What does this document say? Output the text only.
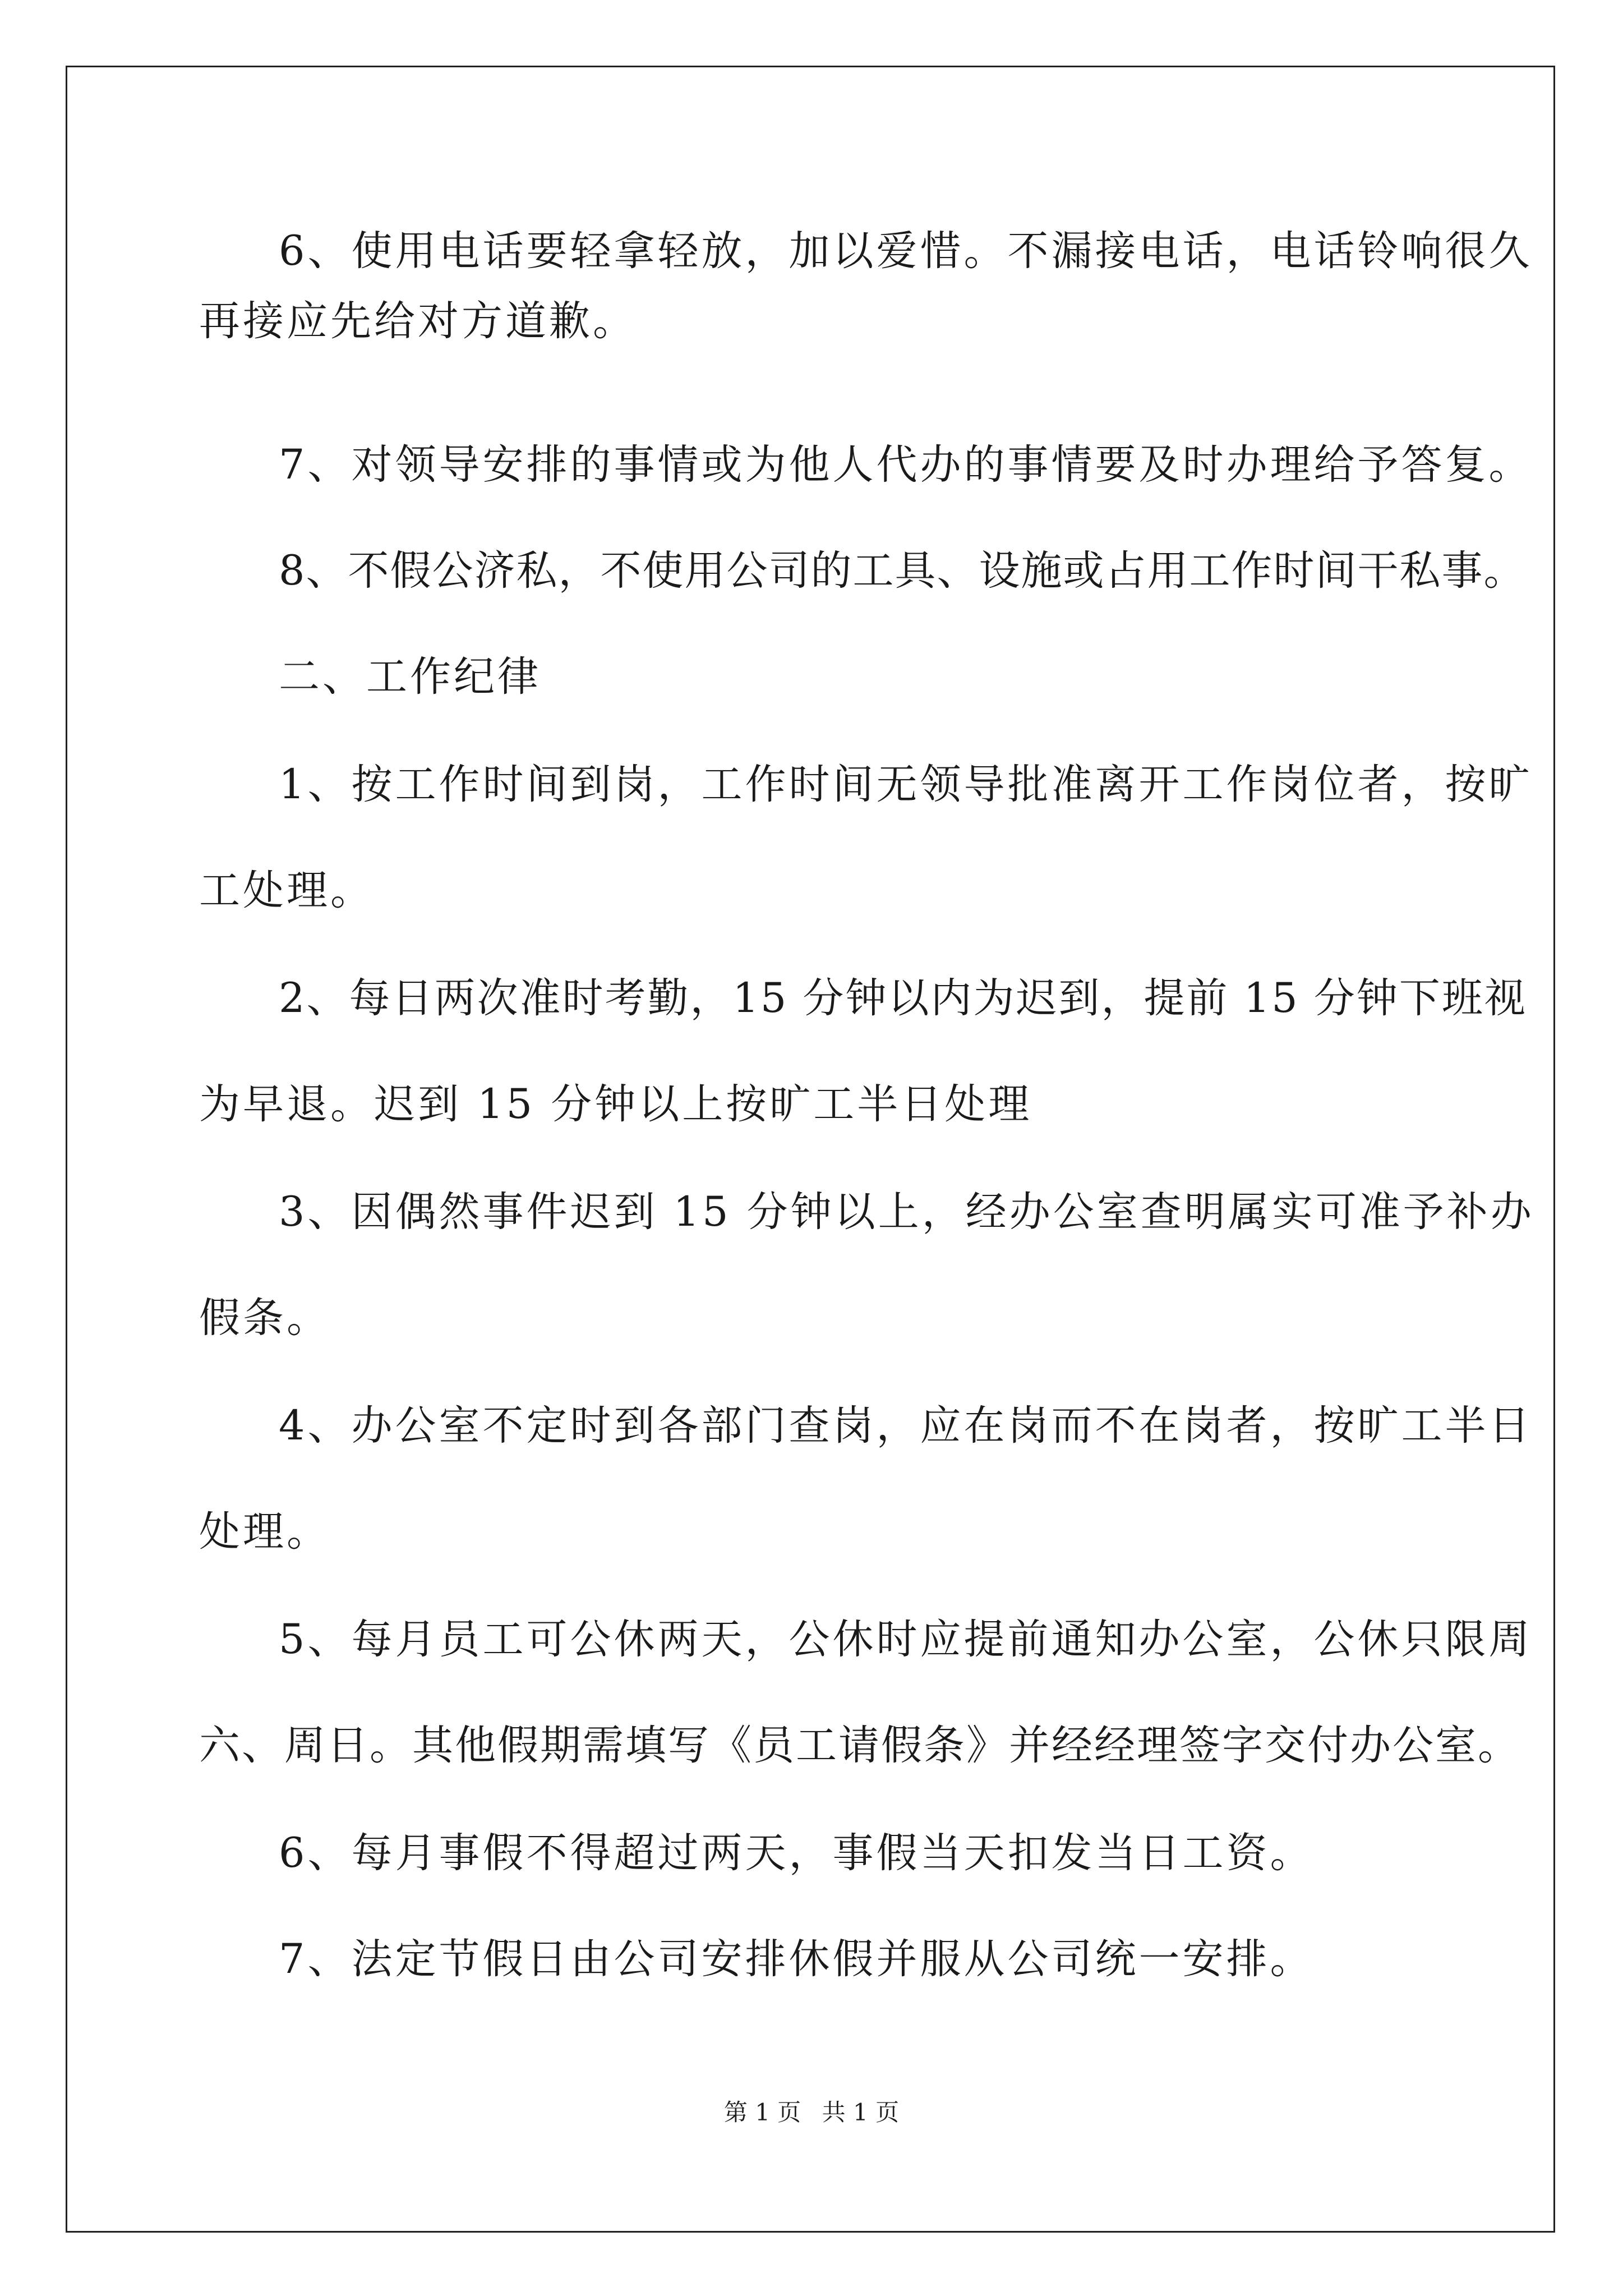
6、使用电话要轻拿轻放，加以爱惜。不漏接电话，电话铃响很久
再接应先给对方道歉。
7、对领导安排的事情或为他人代办的事情要及时办理给予答复。
8、不假公济私，不使用公司的工具、设施或占用工作时间干私事。
二、工作纪律
1、按工作时间到岗，工作时间无领导批准离开工作岗位者，按旷
工处理。
2、每日两次准时考勤，15 分钟以内为迟到，提前 15 分钟下班视
为早退。迟到 15 分钟以上按旷工半日处理
3、因偶然事件迟到 15 分钟以上，经办公室查明属实可准予补办
假条。
4、办公室不定时到各部门查岗，应在岗而不在岗者，按旷工半日
处理。
5、每月员工可公休两天，公休时应提前通知办公室，公休只限周
六、周日。其他假期需填写《员工请假条》并经经理签字交付办公室。
6、每月事假不得超过两天，事假当天扣发当日工资。
7、法定节假日由公司安排休假并服从公司统一安排。
第 1 页 共 1 页
